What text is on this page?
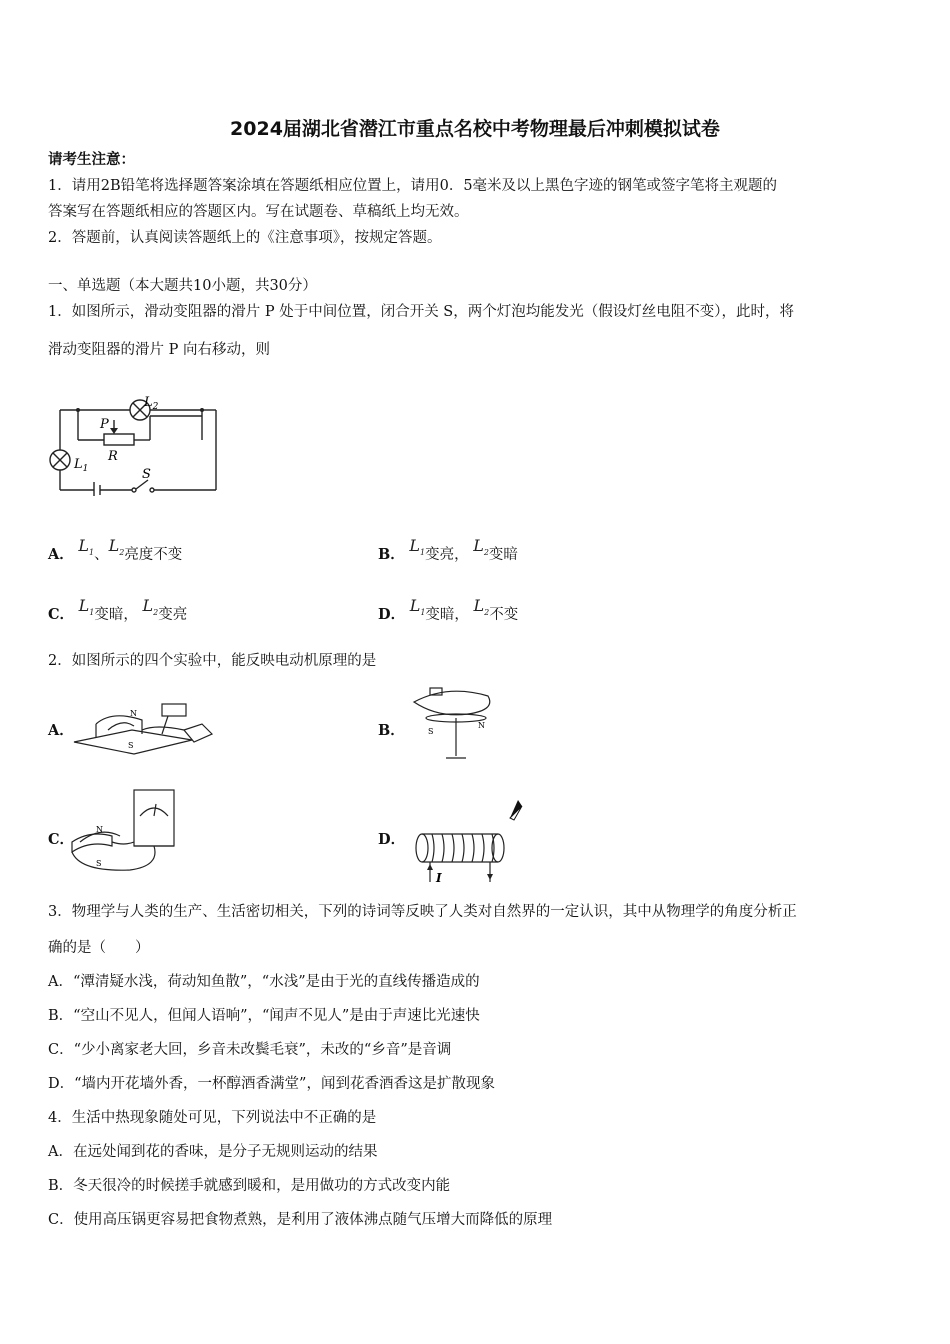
2024届湖北省潜江市重点名校中考物理最后冲刺模拟试卷
请考生注意：
1．请用2B铅笔将选择题答案涂填在答题纸相应位置上，请用0．5毫米及以上黑色字迹的钢笔或签字笔将主观题的
答案写在答题纸相应的答题区内。写在试题卷、草稿纸上均无效。
2．答题前，认真阅读答题纸上的《注意事项》，按规定答题。
一、单选题（本大题共10小题，共30分）
1．如图所示，滑动变阻器的滑片 P 处于中间位置，闭合开关 S，两个灯泡均能发光（假设灯丝电阻不变），此时，将
滑动变阻器的滑片 P 向右移动，则
$L_2$
$L_1$
P
R
S
A． $L_1$、$L_2$亮度不变	B． $L_1$变亮， $L_2$变暗
C． $L_1$变暗， $L_2$变亮	D． $L_1$变暗， $L_2$不变
2．如图所示的四个实验中，能反映电动机原理的是
A．
N
S
B．	S
N
C．
N
S
D．
I
3．物理学与人类的生产、生活密切相关，下列的诗词等反映了人类对自然界的一定认识，其中从物理学的角度分析正
确的是（　　）
A．“潭清疑水浅，荷动知鱼散”，“水浅”是由于光的直线传播造成的
B．“空山不见人，但闻人语响”，“闻声不见人”是由于声速比光速快
C．“少小离家老大回，乡音未改鬓毛衰”，未改的“乡音”是音调
D．“墙内开花墙外香，一杯醇酒香满堂”，闻到花香酒香这是扩散现象
4．生活中热现象随处可见，下列说法中不正确的是
A．在远处闻到花的香味，是分子无规则运动的结果
B．冬天很冷的时候搓手就感到暖和，是用做功的方式改变内能
C．使用高压锅更容易把食物煮熟，是利用了液体沸点随气压增大而降低的原理
